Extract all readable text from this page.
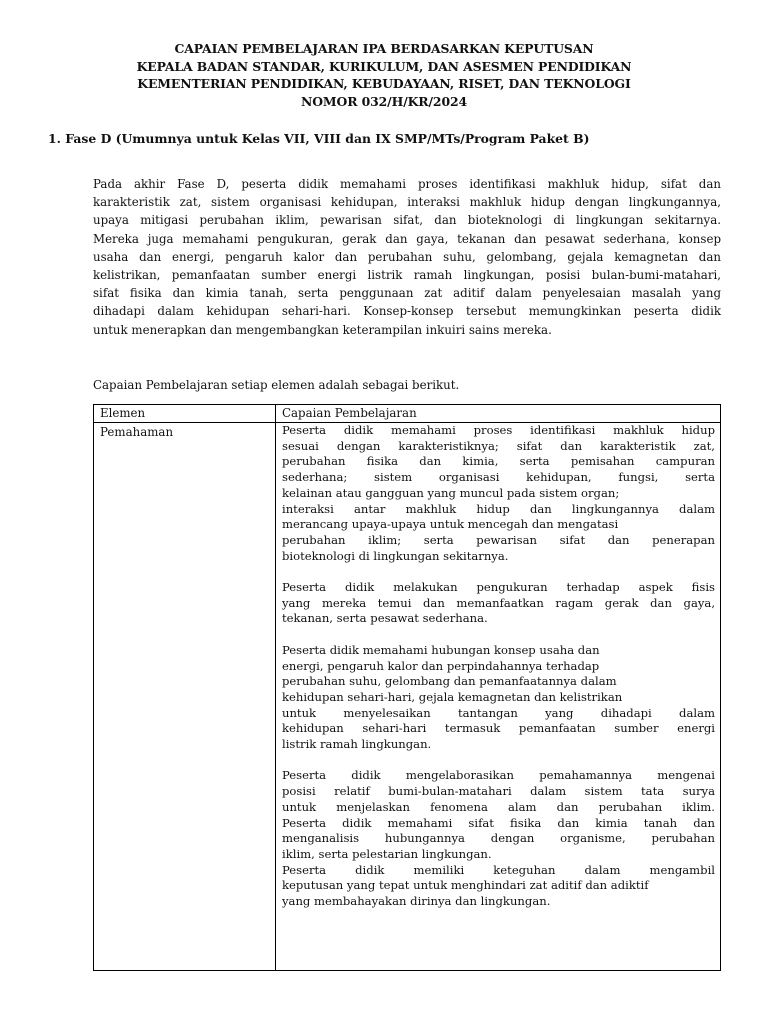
CAPAIAN PEMBELAJARAN IPA BERDASARKAN KEPUTUSAN
KEPALA BADAN STANDAR, KURIKULUM, DAN ASESMEN PENDIDIKAN
KEMENTERIAN PENDIDIKAN, KEBUDAYAAN, RISET, DAN TEKNOLOGI
NOMOR 032/H/KR/2024
1. Fase D (Umumnya untuk Kelas VII, VIII dan IX SMP/MTs/Program Paket B)
Pada akhir Fase D, peserta didik memahami proses identifikasi makhluk hidup, sifat dan
karakteristik zat, sistem organisasi kehidupan, interaksi makhluk hidup dengan lingkungannya,
upaya mitigasi perubahan iklim, pewarisan sifat, dan bioteknologi di lingkungan sekitarnya.
Mereka juga memahami pengukuran, gerak dan gaya, tekanan dan pesawat sederhana, konsep
usaha dan energi, pengaruh kalor dan perubahan suhu, gelombang, gejala kemagnetan dan
kelistrikan, pemanfaatan sumber energi listrik ramah lingkungan, posisi bulan-bumi-matahari,
sifat fisika dan kimia tanah, serta penggunaan zat aditif dalam penyelesaian masalah yang
dihadapi dalam kehidupan sehari-hari. Konsep-konsep tersebut memungkinkan peserta didik
untuk menerapkan dan mengembangkan keterampilan inkuiri sains mereka.
Capaian Pembelajaran setiap elemen adalah sebagai berikut.
Elemen	Capaian Pembelajaran
Pemahaman	Peserta didik memahami proses identifikasi makhluk hidup
sesuai dengan karakteristiknya; sifat dan karakteristik zat,
perubahan fisika dan kimia, serta pemisahan campuran
sederhana; sistem organisasi kehidupan, fungsi, serta
kelainan atau gangguan yang muncul pada sistem organ;
interaksi antar makhluk hidup dan lingkungannya dalam
merancang upaya-upaya untuk mencegah dan mengatasi
perubahan iklim; serta pewarisan sifat dan penerapan
bioteknologi di lingkungan sekitarnya.
Peserta didik melakukan pengukuran terhadap aspek fisis
yang mereka temui dan memanfaatkan ragam gerak dan gaya,
tekanan, serta pesawat sederhana.
Peserta didik memahami hubungan konsep usaha dan
energi, pengaruh kalor dan perpindahannya terhadap
perubahan suhu, gelombang dan pemanfaatannya dalam
kehidupan sehari-hari, gejala kemagnetan dan kelistrikan
untuk menyelesaikan tantangan yang dihadapi dalam
kehidupan sehari-hari termasuk pemanfaatan sumber energi
listrik ramah lingkungan.
Peserta didik mengelaborasikan pemahamannya mengenai
posisi relatif bumi-bulan-matahari dalam sistem tata surya
untuk menjelaskan fenomena alam dan perubahan iklim.
Peserta didik memahami sifat fisika dan kimia tanah dan
menganalisis hubungannya dengan organisme, perubahan
iklim, serta pelestarian lingkungan.
Peserta didik memiliki keteguhan dalam mengambil
keputusan yang tepat untuk menghindari zat aditif dan adiktif
yang membahayakan dirinya dan lingkungan.
